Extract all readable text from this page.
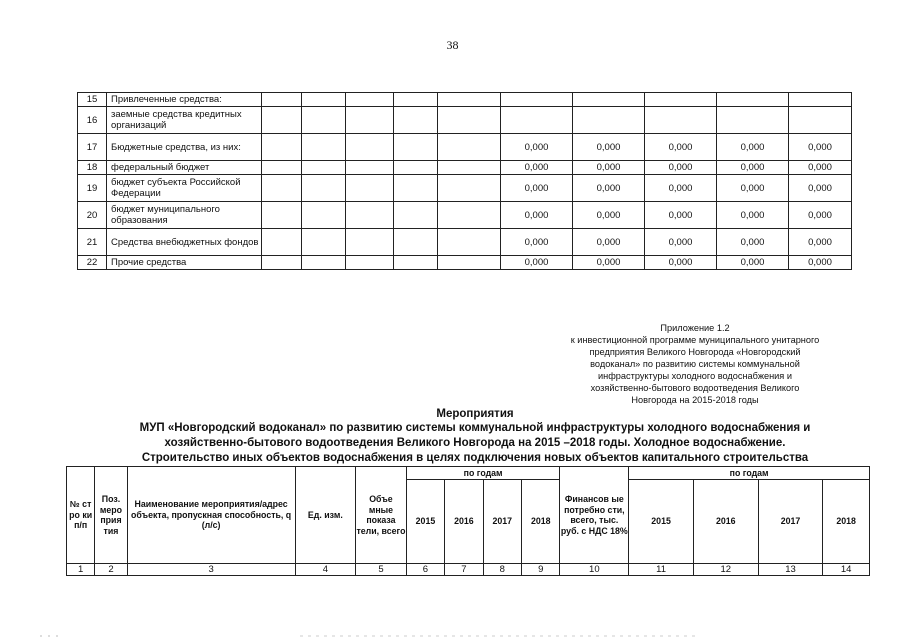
38
15	Привлеченные средства:										
16	заемные средства кредитных организаций										
17	Бюджетные средства, из них:						0,000	0,000	0,000	0,000	0,000
18	федеральный бюджет						0,000	0,000	0,000	0,000	0,000
19	бюджет субъекта Российской Федерации						0,000	0,000	0,000	0,000	0,000
20	бюджет муниципального образования						0,000	0,000	0,000	0,000	0,000
21	Средства внебюджетных фондов						0,000	0,000	0,000	0,000	0,000
22	Прочие средства						0,000	0,000	0,000	0,000	0,000
Приложение 1.2
к инвестиционной программе муниципального унитарного
предприятия Великого Новгорода «Новгородский
водоканал» по развитию системы коммунальной
инфраструктуры холодного водоснабжения и
хозяйственно-бытового водоотведения Великого
Новгорода на 2015-2018 годы
Мероприятия
МУП «Новгородский водоканал» по развитию системы коммунальной инфраструктуры холодного водоснабжения и
хозяйственно-бытового водоотведения Великого Новгорода на 2015 –2018 годы. Холодное водоснабжение.
Строительство иных объектов водоснабжения в целях подключения новых объектов капитального строительства
№ ст ро ки п/п	Поз. меро прия тия	Наименование мероприятия/адрес объекта, пропускная способность, q (л/с)	Ед. изм.	Объе мные показа тели, всего	по годам				Финансов ые потребно сти, всего, тыс. руб. с НДС 18%	по годам			
					2015	2016	2017	2018		2015	2016	2017	2018
1	2	3	4	5	6	7	8	9	10	11	12	13	14
